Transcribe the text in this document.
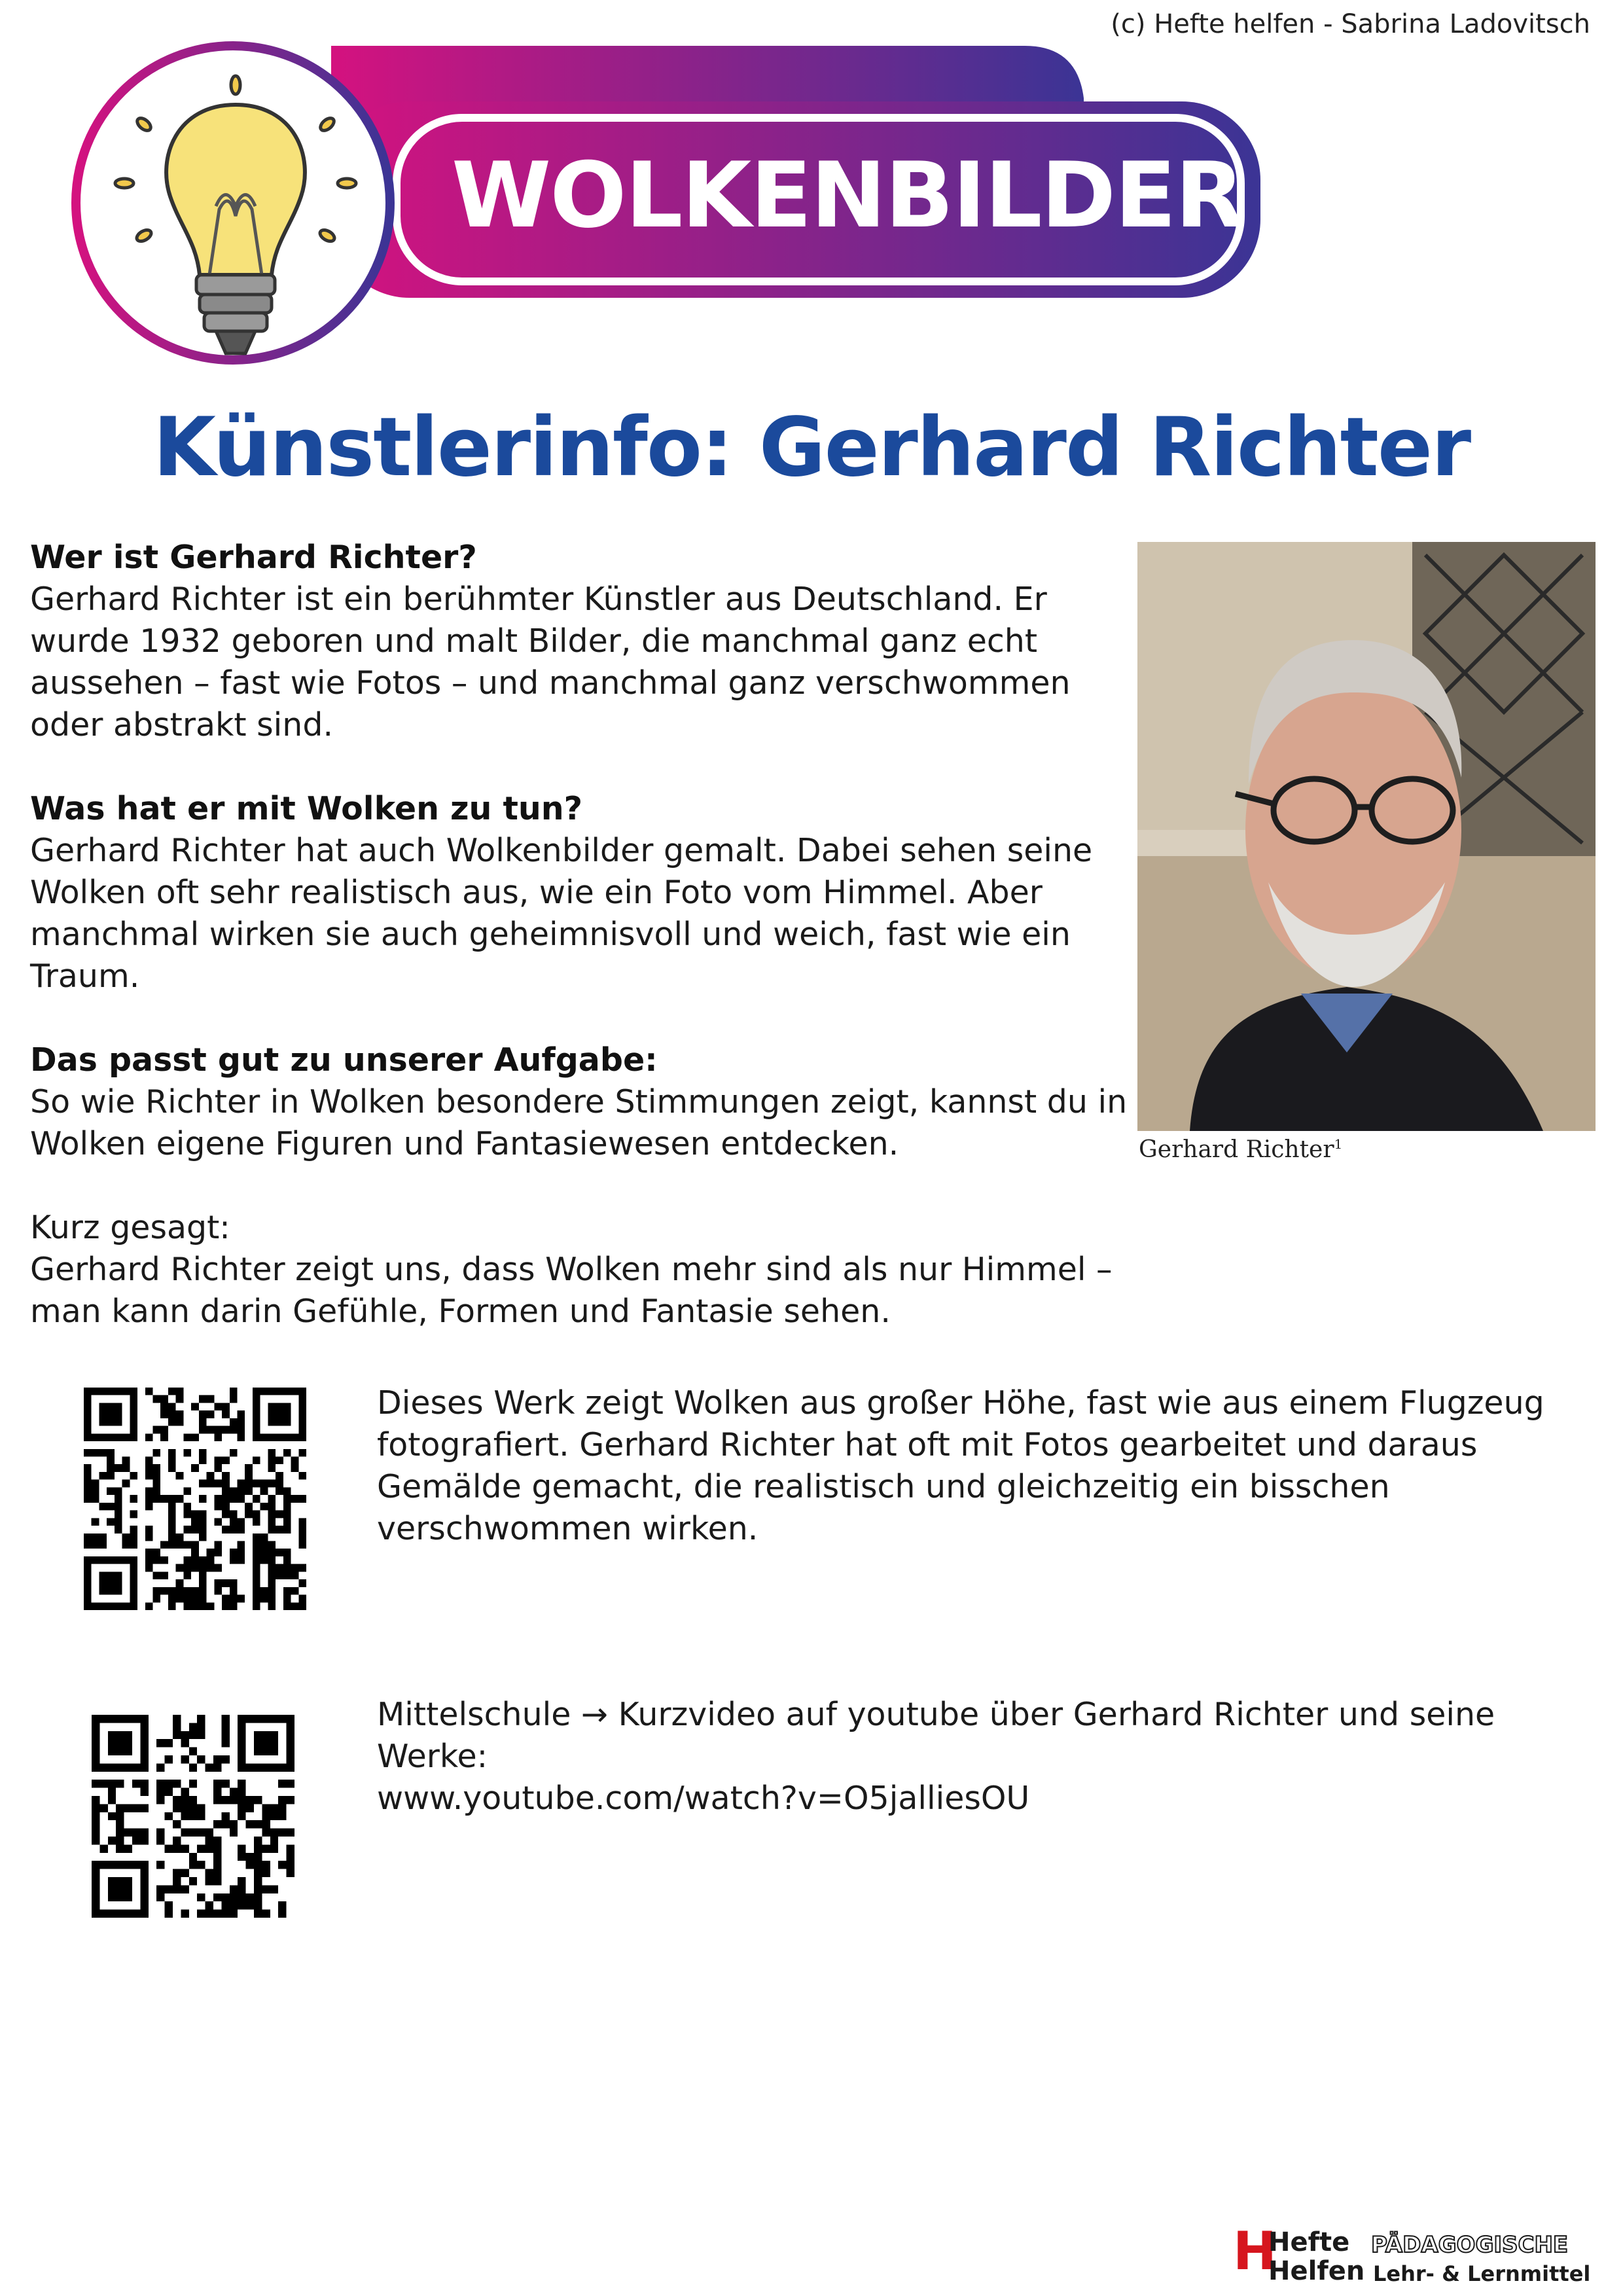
(c) Hefte helfen - Sabrina Ladovitsch
WOLKENBILDER
Künstlerinfo: Gerhard Richter
Wer ist Gerhard Richter?

Gerhard Richter ist ein berühmter Künstler aus Deutschland. Er wurde 1932 geboren und malt Bilder, die manchmal ganz echt aussehen – fast wie Fotos – und manchmal ganz verschwommen oder abstrakt sind.

Was hat er mit Wolken zu tun?

Gerhard Richter hat auch Wolkenbilder gemalt. Dabei sehen seine Wolken oft sehr realistisch aus, wie ein Foto vom Himmel. Aber manchmal wirken sie auch geheimnisvoll und weich, fast wie ein Traum.

Das passt gut zu unserer Aufgabe:

So wie Richter in Wolken besondere Stimmungen zeigt, kannst du in Wolken eigene Figuren und Fantasiewesen entdecken.

Kurz gesagt:

Gerhard Richter zeigt uns, dass Wolken mehr sind als nur Himmel – man kann darin Gefühle, Formen und Fantasie sehen.

Gerhard Richter$^1$
Dieses Werk zeigt Wolken aus großer Höhe, fast wie aus einem Flugzeug fotografiert. Gerhard Richter hat oft mit Fotos gearbeitet und daraus Gemälde gemacht, die realistisch und gleichzeitig ein bisschen verschwommen wirken.

Mittelschule → Kurzvideo auf youtube über Gerhard Richter und seine Werke:

www.youtube.com/watch?v=O5jalliesOU

H
Hefte
Helfen
PÄDAGOGISCHE
Lehr- & Lernmittel
